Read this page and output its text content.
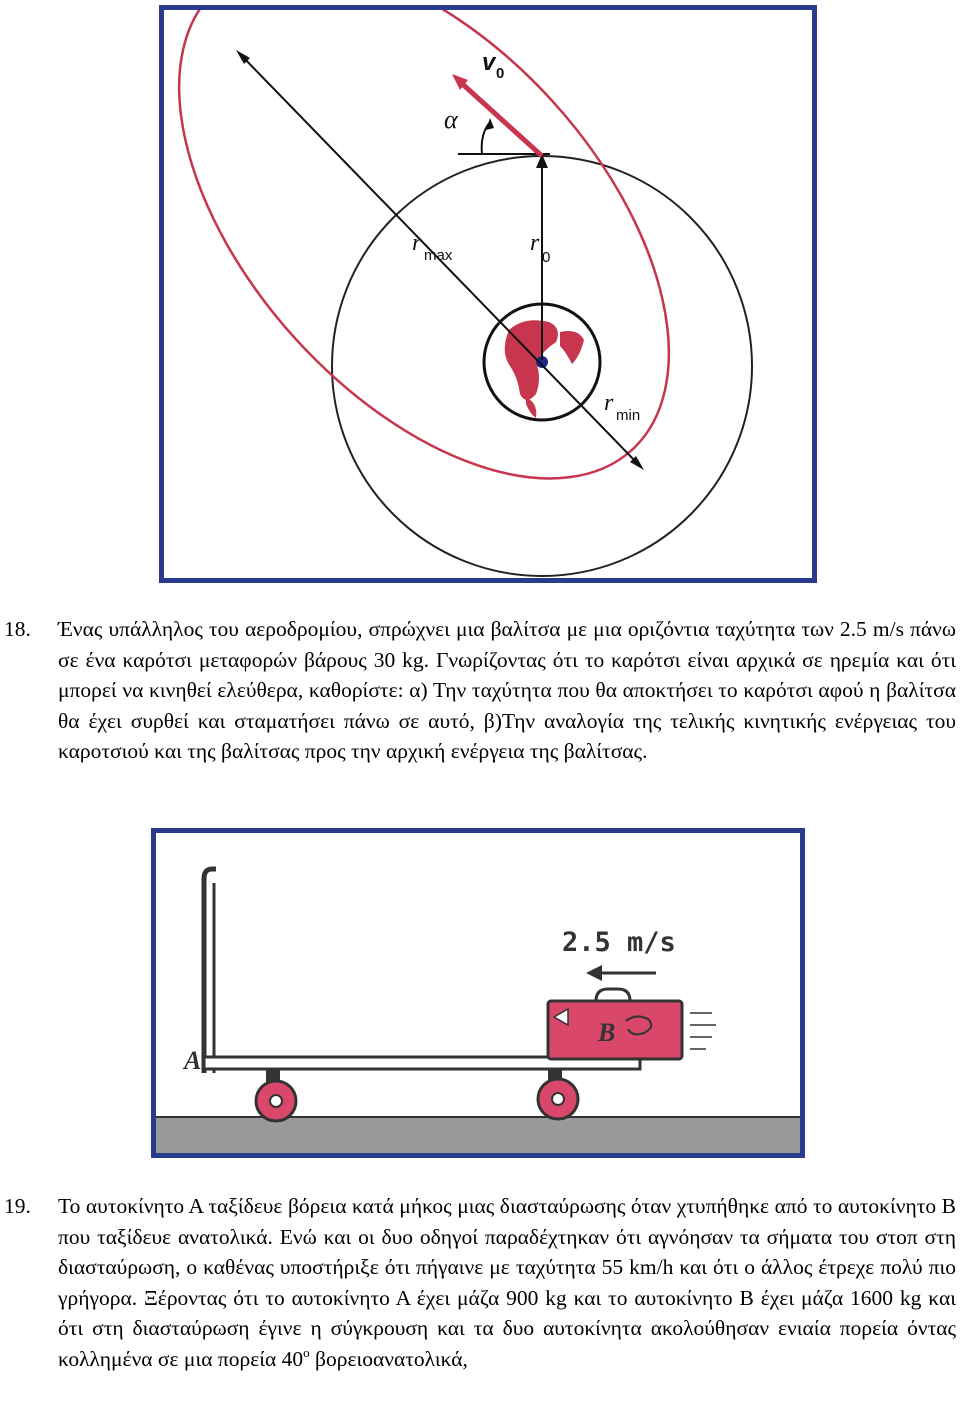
v 0
α
r max	r
0
r min
18. Ένας υπάλληλος του αεροδρομίου, σπρώχνει μια βαλίτσα με μια οριζόντια ταχύτητα των 2.5 m/s πάνω σε ένα καρότσι μεταφορών βάρους 30 kg. Γνωρίζοντας ότι το καρότσι είναι αρχικά σε ηρεμία και ότι μπορεί να κινηθεί ελεύθερα, καθορίστε: α) Την ταχύτητα που θα αποκτήσει το καρότσι αφού η βαλίτσα θα έχει συρθεί και σταματήσει πάνω σε αυτό, β)Την αναλογία της τελικής κινητικής ενέργειας του καροτσιού και της βαλίτσας προς την αρχική ενέργεια της βαλίτσας.
2.5 m/s
A
B
19. Το αυτοκίνητο Α ταξίδευε βόρεια κατά μήκος μιας διασταύρωσης όταν χτυπήθηκε από το αυτοκίνητο Β που ταξίδευε ανατολικά. Ενώ και οι δυο οδηγοί παραδέχτηκαν ότι αγνόησαν τα σήματα του στοπ στη διασταύρωση, ο καθένας υποστήριξε ότι πήγαινε με ταχύτητα 55 km/h και ότι ο άλλος έτρεχε πολύ πιο γρήγορα. Ξέροντας ότι το αυτοκίνητο Α έχει μάζα 900 kg και το αυτοκίνητο Β έχει μάζα 1600 kg και ότι στη διασταύρωση έγινε η σύγκρουση και τα δυο αυτοκίνητα ακολούθησαν ενιαία πορεία όντας κολλημένα σε μια πορεία $40^o$ βορειοανατολικά,
